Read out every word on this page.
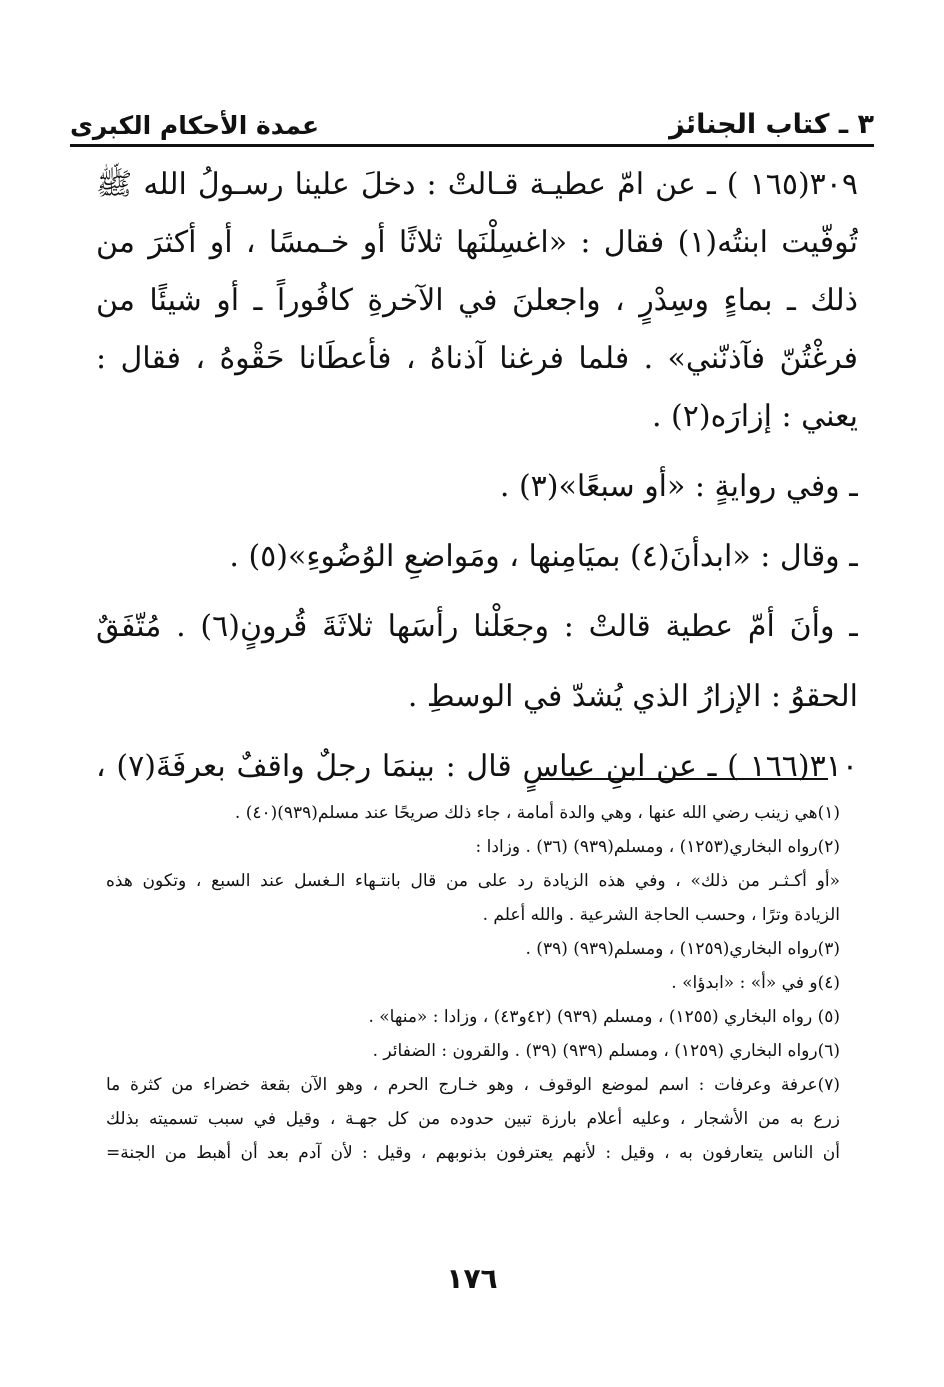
٣ ـ كتاب الجنائز
عمدة الأحكام الكبرى
٣٠٩(١٦٥ ) ـ عن امّ عطيـة قـالتْ : دخلَ علينا رسـولُ الله ﷺ
تُوفّيت ابنتُه(١) فقال : «اغسِلْنَها ثلاثًا أو خـمسًا ، أو أكثرَ من
ذلك ـ بماءٍ وسِدْرٍ ، واجعلنَ في الآخرةِ كافُوراً ـ أو شيئًا من
فرغْتُنّ فآذنّني» . فلما فرغنا آذناهُ ، فأعطَانا حَقْوهُ ، فقال :
يعني : إزارَه(٢) .
ـ وفي روايةٍ : «أو سبعًا»(٣) .
ـ وقال : «ابدأنَ(٤) بميَامِنها ، ومَواضعِ الوُضُوءِ»(٥) .
ـ وأنَ أمّ عطية قالتْ : وجعَلْنا رأسَها ثلاثَةَ قُرونٍ(٦) . مُتّفَقٌ
الحقوُ : الإزارُ الذي يُشدّ في الوسطِ .
٣١٠(١٦٦ ) ـ عن ابنِ عباسٍ قال : بينمَا رجلٌ واقفٌ بعرفَةَ(٧) ،
(١)هي زينب رضي الله عنها ، وهي والدة أمامة ، جاء ذلك صريحًا عند مسلم(٩٣٩)(٤٠) .
(٢)رواه البخاري(١٢٥٣) ، ومسلم(٩٣٩) (٣٦) . وزادا :
«أو أكـثـر من ذلك» ، وفي هذه الزيادة رد على من قال بانتـهاء الـغسل عند السبع ، وتكون هذه
الزيادة وترًا ، وحسب الحاجة الشرعية . والله أعلم .
(٣)رواه البخاري(١٢٥٩) ، ومسلم(٩٣٩) (٣٩) .
(٤)و في «أ» : «ابدؤا» .
(٥) رواه البخاري (١٢٥٥) ، ومسلم (٩٣٩) (٤٢و٤٣) ، وزادا : «منها» .
(٦)رواه البخاري (١٢٥٩) ، ومسلم (٩٣٩) (٣٩) . والقرون : الضفائر .
(٧)عرفة وعرفات : اسم لموضع الوقوف ، وهو خـارج الحرم ، وهو الآن بقعة خضراء من كثرة ما
زرع به من الأشجار ، وعليه أعلام بارزة تبين حدوده من كل جهـة ، وقيل في سبب تسميته بذلك
أن الناس يتعارفون به ، وقيل : لأنهم يعترفون بذنوبهم ، وقيل : لأن آدم بعد أن أهبط من الجنة=
١٧٦
